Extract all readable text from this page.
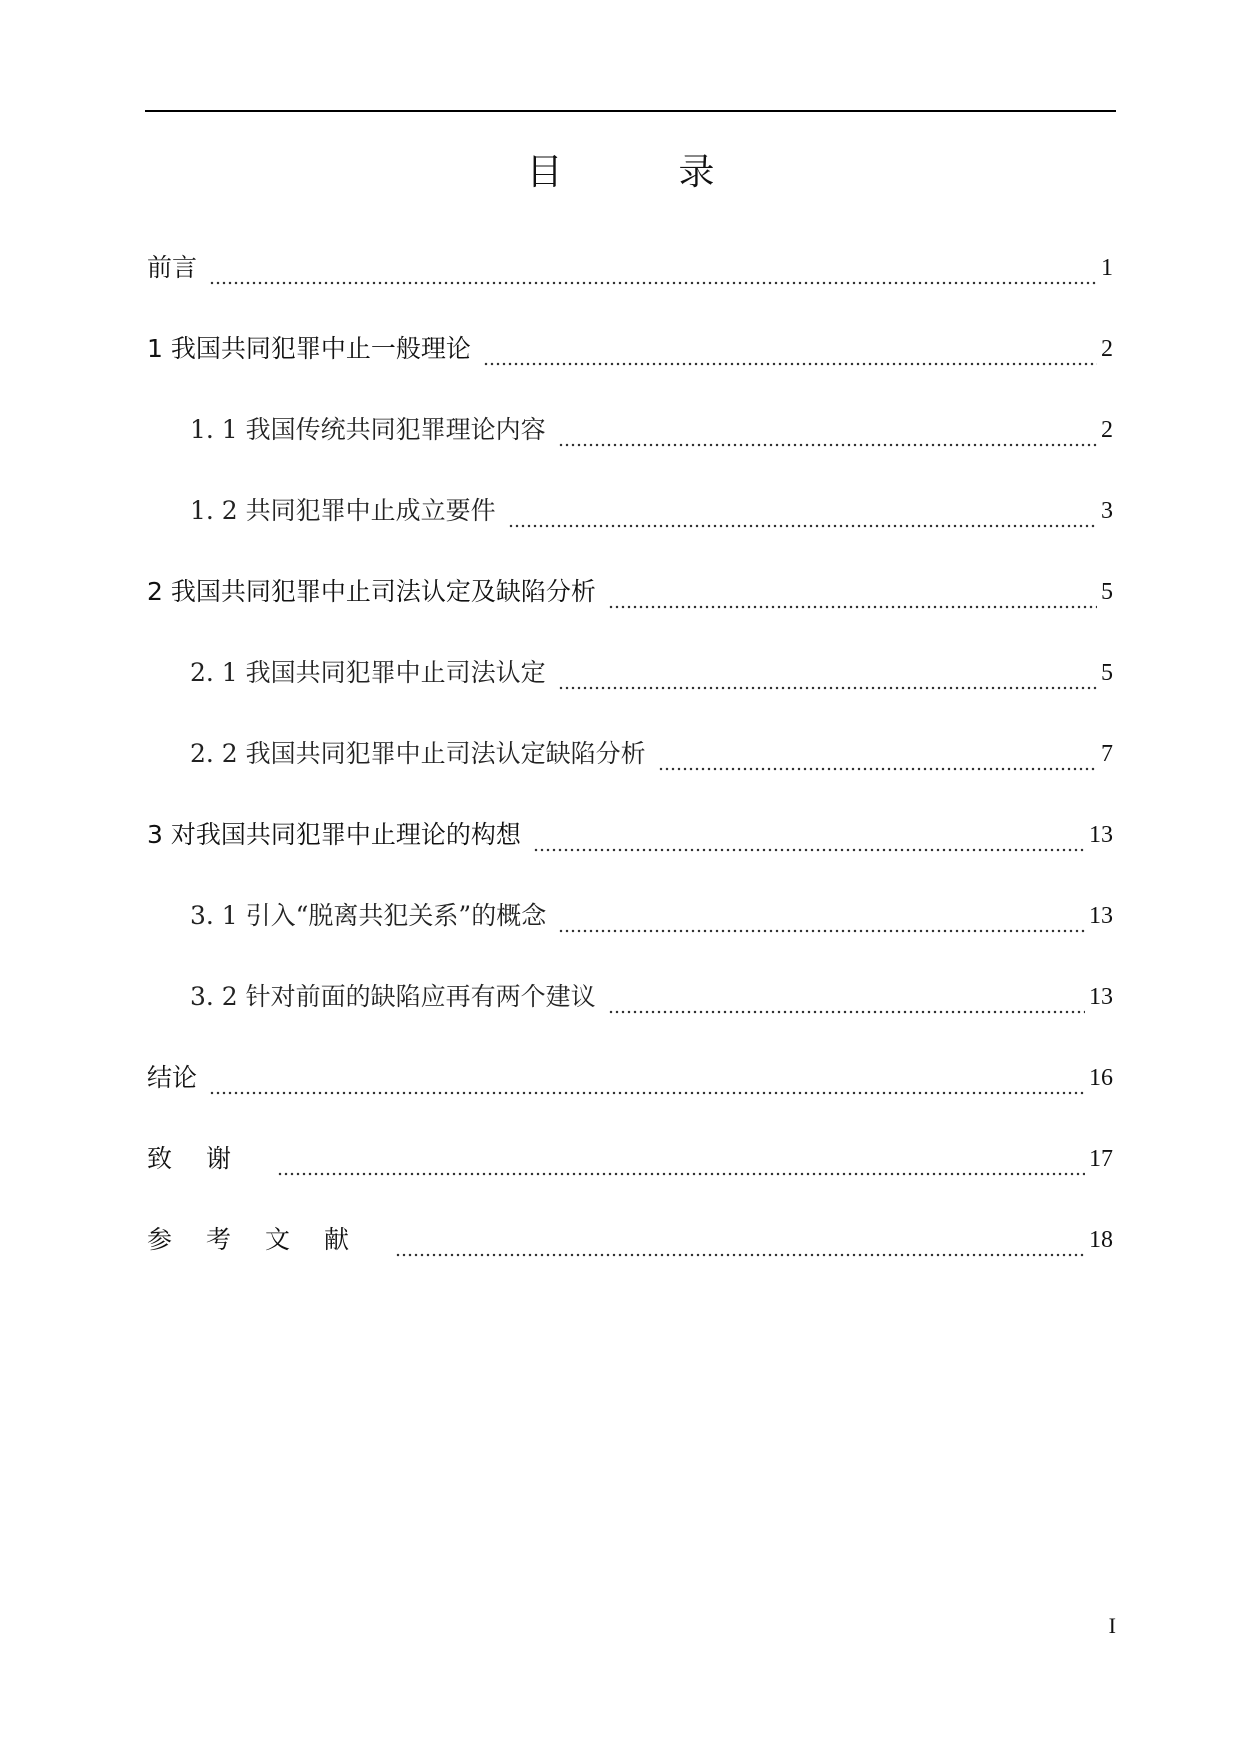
目　录
前言	1
1 我国共同犯罪中止一般理论	2
1. 1 我国传统共同犯罪理论内容	2
1. 2 共同犯罪中止成立要件	3
2 我国共同犯罪中止司法认定及缺陷分析	5
2. 1 我国共同犯罪中止司法认定	5
2. 2 我国共同犯罪中止司法认定缺陷分析	7
3 对我国共同犯罪中止理论的构想	13
3. 1 引入“脱离共犯关系”的概念	13
3. 2 针对前面的缺陷应再有两个建议	13
结论	16
致谢	17
参考文献	18
I
